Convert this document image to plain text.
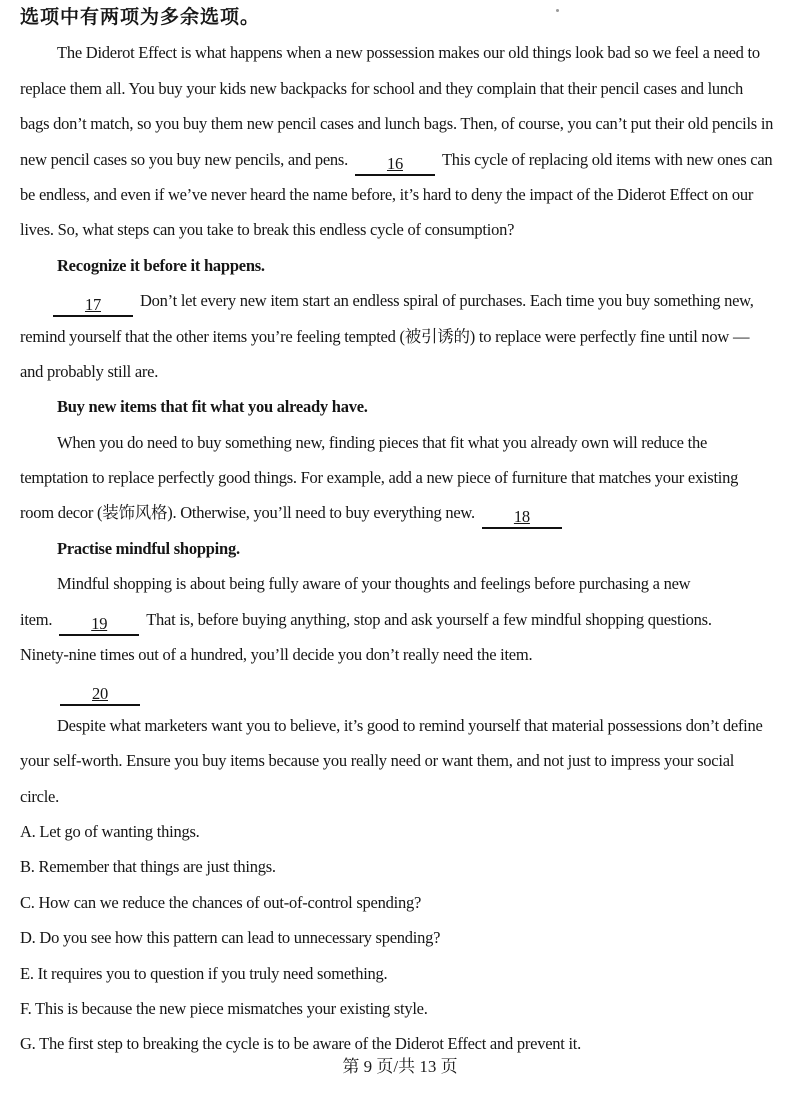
选项中有两项为多余选项。
The Diderot Effect is what happens when a new possession makes our old things look bad so we feel a need to
replace them all. You buy your kids new backpacks for school and they complain that their pencil cases and lunch
bags don’t match, so you buy them new pencil cases and lunch bags. Then, of course, you can’t put their old pencils in
new pencil cases so you buy new pencils, and pens. 16 This cycle of replacing old items with new ones can
be endless, and even if we’ve never heard the name before, it’s hard to deny the impact of the Diderot Effect on our
lives. So, what steps can you take to break this endless cycle of consumption?
Recognize it before it happens.
17 Don’t let every new item start an endless spiral of purchases. Each time you buy something new,
remind yourself that the other items you’re feeling tempted (被引诱的) to replace were perfectly fine until now —
and probably still are.
Buy new items that fit what you already have.
When you do need to buy something new, finding pieces that fit what you already own will reduce the
temptation to replace perfectly good things. For example, add a new piece of furniture that matches your existing
room decor (装饰风格). Otherwise, you’ll need to buy everything new. 18
Practise mindful shopping.
Mindful shopping is about being fully aware of your thoughts and feelings before purchasing a new
item. 19 That is, before buying anything, stop and ask yourself a few mindful shopping questions.
Ninety-nine times out of a hundred, you’ll decide you don’t really need the item.
20
Despite what marketers want you to believe, it’s good to remind yourself that material possessions don’t define
your self-worth. Ensure you buy items because you really need or want them, and not just to impress your social
circle.
A. Let go of wanting things.
B. Remember that things are just things.
C. How can we reduce the chances of out-of-control spending?
D. Do you see how this pattern can lead to unnecessary spending?
E. It requires you to question if you truly need something.
F. This is because the new piece mismatches your existing style.
G. The first step to breaking the cycle is to be aware of the Diderot Effect and prevent it.
第 9 页/共 13 页
